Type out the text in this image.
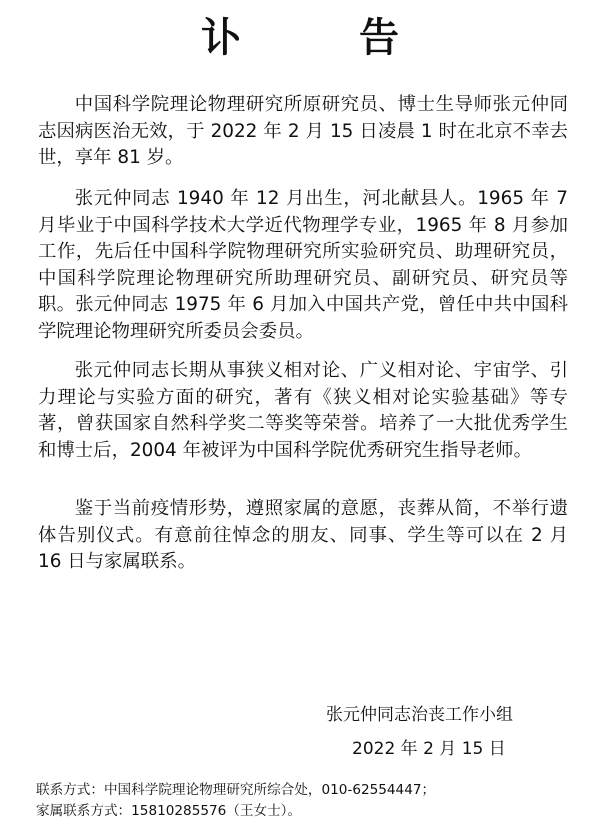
讣 告

中国科学院理论物理研究所原研究员、博士生导师张元仲同志因病医治无效，于 2022 年 2 月 15 日凌晨 1 时在北京不幸去世，享年 81 岁。

张元仲同志 1940 年 12 月出生，河北献县人。1965 年 7 月毕业于中国科学技术大学近代物理学专业，1965 年 8 月参加工作，先后任中国科学院物理研究所实验研究员、助理研究员，中国科学院理论物理研究所助理研究员、副研究员、研究员等职。张元仲同志 1975 年 6 月加入中国共产党，曾任中共中国科学院理论物理研究所委员会委员。

张元仲同志长期从事狭义相对论、广义相对论、宇宙学、引力理论与实验方面的研究，著有《狭义相对论实验基础》等专著，曾获国家自然科学奖二等奖等荣誉。培养了一大批优秀学生和博士后，2004 年被评为中国科学院优秀研究生指导老师。

鉴于当前疫情形势，遵照家属的意愿，丧葬从简，不举行遗体告别仪式。有意前往悼念的朋友、同事、学生等可以在 2 月 16 日与家属联系。

张元仲同志治丧工作小组
2022 年 2 月 15 日
联系方式：中国科学院理论物理研究所综合处，010-62554447；
家属联系方式：15810285576（王女士）。
